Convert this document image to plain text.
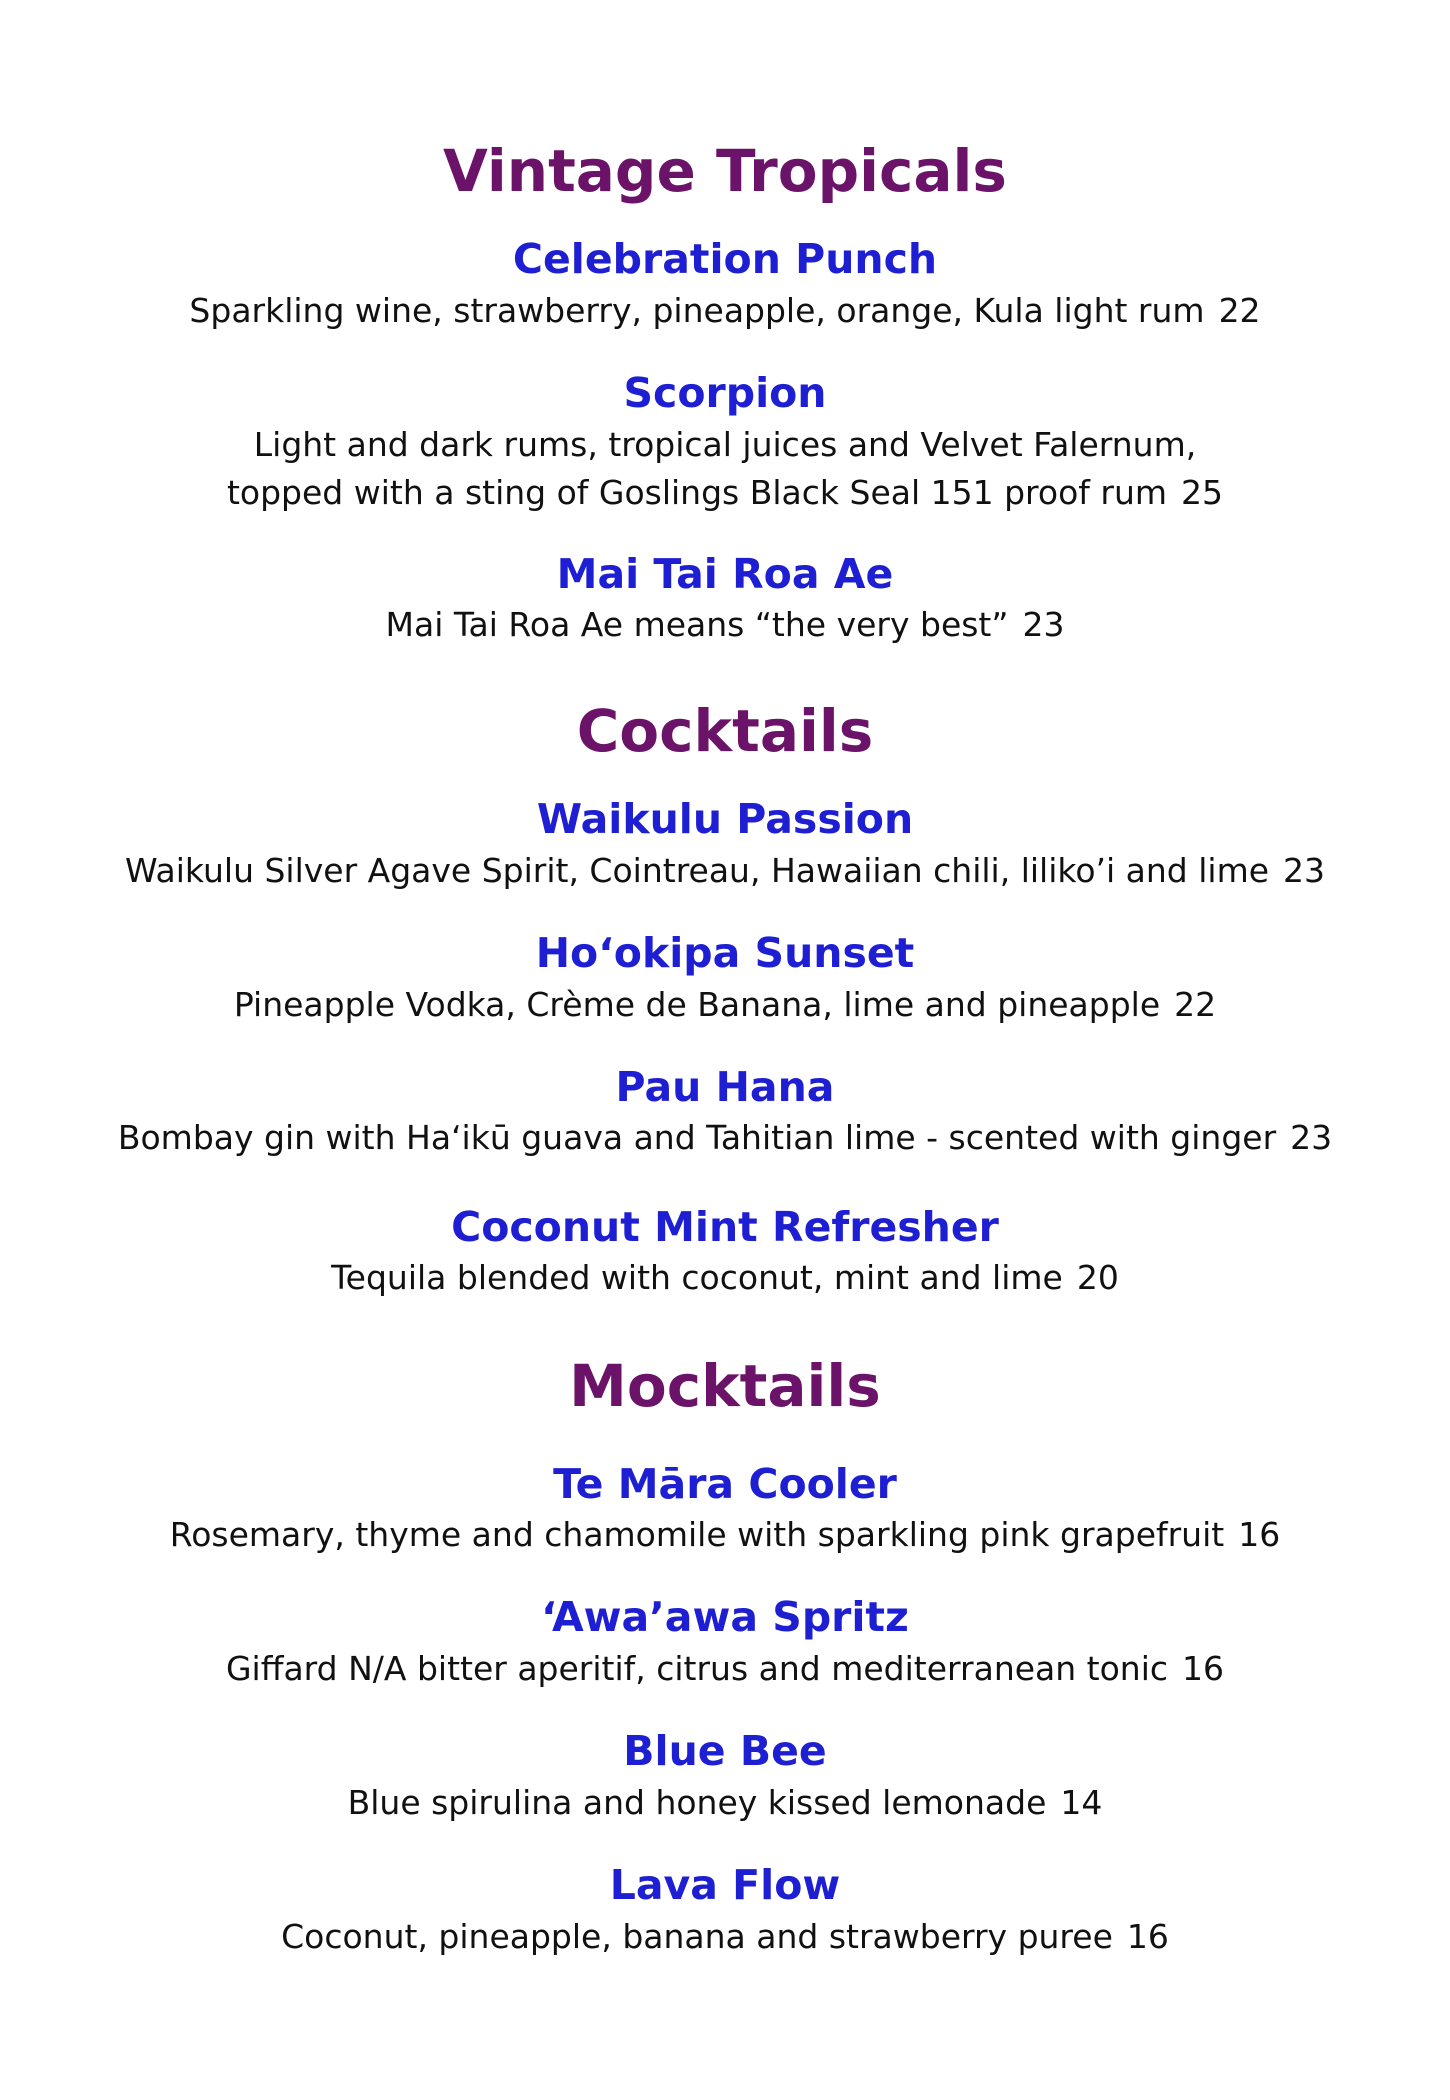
Vintage Tropicals
Celebration Punch
Sparkling wine, strawberry, pineapple, orange, Kula light rum 22
Scorpion
Light and dark rums, tropical juices and Velvet Falernum,
topped with a sting of Goslings Black Seal 151 proof rum 25
Mai Tai Roa Ae
Mai Tai Roa Ae means “the very best” 23
Cocktails
Waikulu Passion
Waikulu Silver Agave Spirit, Cointreau, Hawaiian chili, liliko’i and lime 23
Ho‘okipa Sunset
Pineapple Vodka, Crème de Banana, lime and pineapple 22
Pau Hana
Bombay gin with Ha‘ikū guava and Tahitian lime - scented with ginger 23
Coconut Mint Refresher
Tequila blended with coconut, mint and lime 20
Mocktails
Te Māra Cooler
Rosemary, thyme and chamomile with sparkling pink grapefruit 16
‘Awa’awa Spritz
Giffard N/A bitter aperitif, citrus and mediterranean tonic 16
Blue Bee
Blue spirulina and honey kissed lemonade 14
Lava Flow
Coconut, pineapple, banana and strawberry puree 16
